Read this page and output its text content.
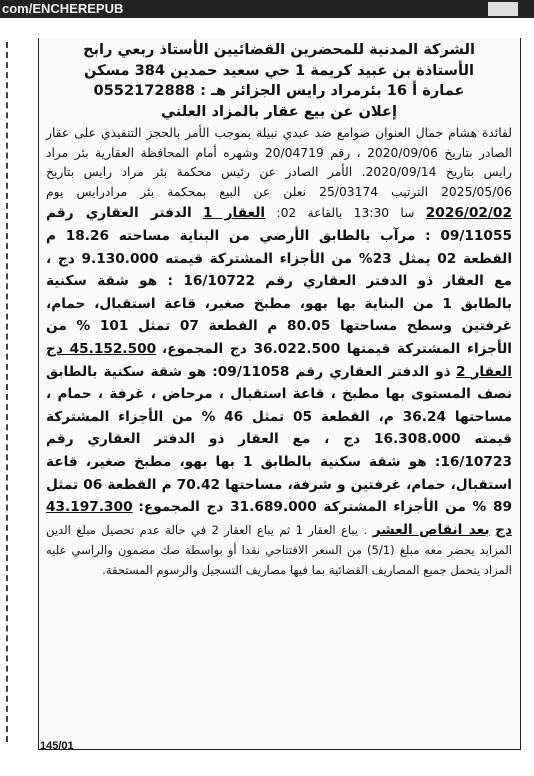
com/ENCHEREPUB
الشركة المدنية للمحضرين القضائيين الأستاذ ربعي رابح
الأستاذة بن عبيد كريمة 1 حي سعيد حمدين 384 مسكن
عمارة أ 16 بئرمراد رايس الجزائر هـ : 0552172888
إعلان عن بيع عقار بالمزاد العلني
لفائدة هشام جمال العنوان صوامع ضد عبدي نبيلة بموجب الأمر بالحجز التنفيذي على عقار الصادر بتاريخ 2020/09/06 ، رقم 20/04719 وشهره أمام المحافظة العقارية بئر مراد رايس بتاريخ 2020/09/14. الأمر الصادر عن رئيس محكمة بئر مراد رايس بتاريخ 2025/05/06 الترتيب 25/03174 نعلن عن البيع بمحكمة بئر مرادرايس يوم 2026/02/02 سا 13:30 بالقاعة 02: العقار 1 الدفتر العقاري رقم 09/11055 : مرآب بالطابق الأرضي من البناية مساحته 18.26 م القطعة 02 يمثل 23% من الأجزاء المشتركة قيمته 9.130.000 دج ، مع العقار ذو الدفتر العقاري رقم 16/10722 : هو شقة سكنية بالطابق 1 من البناية بها بهو، مطبخ صغير، قاعة استقبال، حمام، غرفتين وسطح مساحتها 80.05 م القطعة 07 تمثل 101 % من الأجزاء المشتركة قيمتها 36.022.500 دج المجموع، 45.152.500 دج العقار 2 ذو الدفتر العقاري رقم 09/11058: هو شقة سكنية بالطابق نصف المستوى بها مطبخ ، قاعة استقبال ، مرحاض ، غرفة ، حمام ، مساحتها 36.24 م، القطعة 05 تمثل 46 % من الأجزاء المشتركة قيمته 16.308.000 دج ، مع العقار ذو الدفتر العقاري رقم 16/10723: هو شقة سكنية بالطابق 1 بها بهو، مطبخ صغير، قاعة استقبال، حمام، غرفتين و شرفة، مساحتها 70.42 م القطعة 06 تمثل 89 % من الأجزاء المشتركة 31.689.000 دج المجموع: 43.197.300 دج بعد انقاص العشر . يباع العقار 1 ثم يباع العقار 2 في حالة عدم تحصيل مبلغ الدين المزايد يحضر معه مبلغ (5/1) من السعر الافتتاحي نقدا أو بواسطة صك مضمون والراسي عليه المزاد يتحمل جميع المصاريف القضائية بما فيها مصاريف التسجيل والرسوم المستحقة.
145/01
